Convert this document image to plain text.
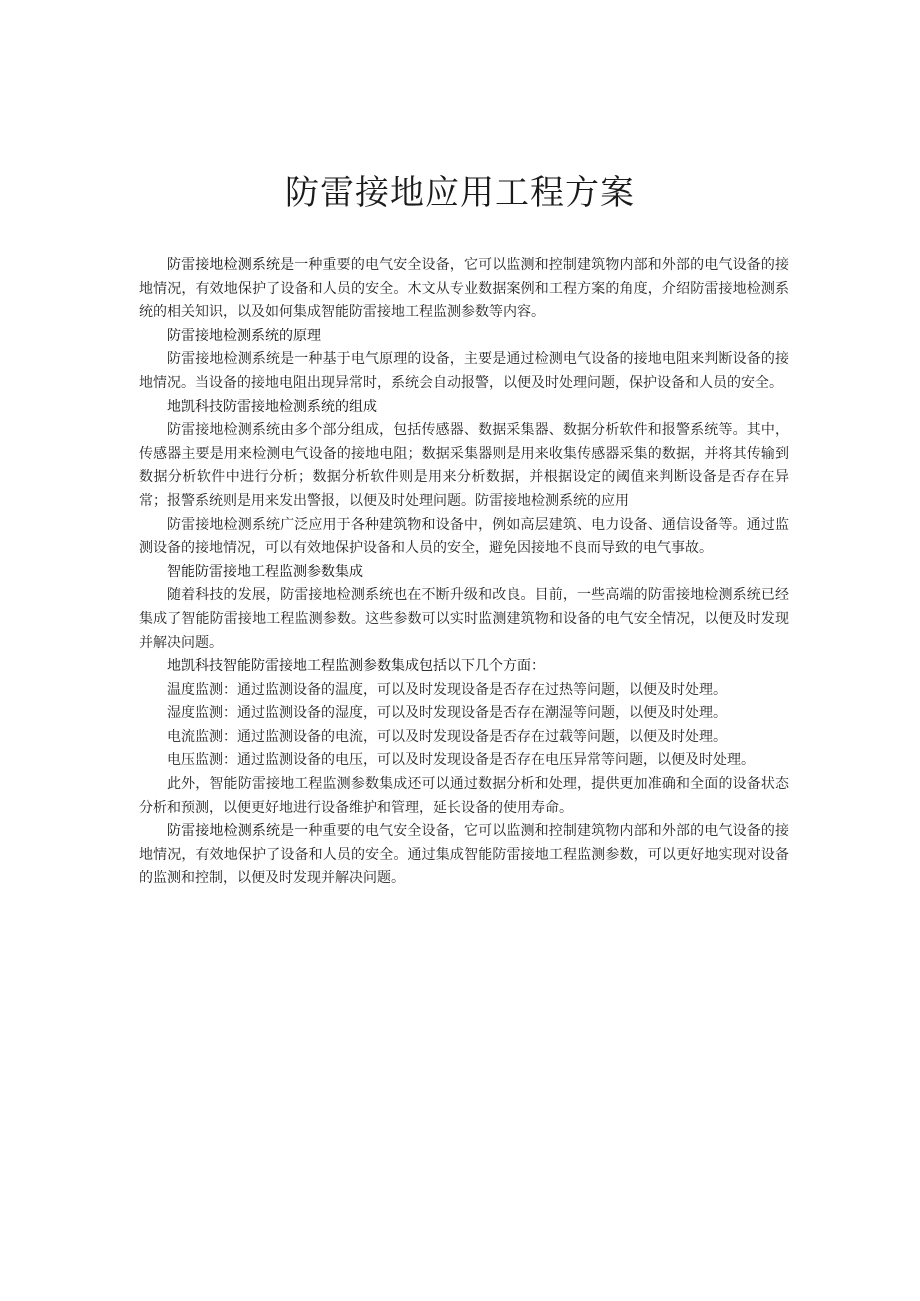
防雷接地应用工程方案

防雷接地检测系统是一种重要的电气安全设备，它可以监测和控制建筑物内部和外部的电气设备的接地情况，有效地保护了设备和人员的安全。木文从专业数据案例和工程方案的角度，介绍防雷接地检测系统的相关知识，以及如何集成智能防雷接地工程监测参数等内容。

防雷接地检测系统的原理

防雷接地检测系统是一种基于电气原理的设备，主要是通过检测电气设备的接地电阻来判断设备的接地情况。当设备的接地电阻出现异常时，系统会自动报警，以便及时处理问题，保护设备和人员的安全。

地凯科技防雷接地检测系统的组成

防雷接地检测系统由多个部分组成，包括传感器、数据采集器、数据分析软件和报警系统等。其中，传感器主要是用来检测电气设备的接地电阻；数据采集器则是用来收集传感器采集的数据，并将其传输到数据分析软件中进行分析；数据分析软件则是用来分析数据，并根据设定的阈值来判断设备是否存在异常；报警系统则是用来发出警报，以便及时处理问题。防雷接地检测系统的应用

防雷接地检测系统广泛应用于各种建筑物和设备中，例如高层建筑、电力设备、通信设备等。通过监测设备的接地情况，可以有效地保护设备和人员的安全，避免因接地不良而导致的电气事故。

智能防雷接地工程监测参数集成

随着科技的发展，防雷接地检测系统也在不断升级和改良。目前，一些高端的防雷接地检测系统已经集成了智能防雷接地工程监测参数。这些参数可以实时监测建筑物和设备的电气安全情况，以便及时发现并解决问题。

地凯科技智能防雷接地工程监测参数集成包括以下几个方面：

温度监测：通过监测设备的温度，可以及时发现设备是否存在过热等问题，以便及时处理。

湿度监测：通过监测设备的湿度，可以及时发现设备是否存在潮湿等问题，以便及时处理。

电流监测：通过监测设备的电流，可以及时发现设备是否存在过载等问题，以便及时处理。

电压监测：通过监测设备的电压，可以及时发现设备是否存在电压异常等问题，以便及时处理。

此外，智能防雷接地工程监测参数集成还可以通过数据分析和处理，提供更加准确和全面的设备状态分析和预测，以便更好地进行设备维护和管理，延长设备的使用寿命。

防雷接地检测系统是一种重要的电气安全设备，它可以监测和控制建筑物内部和外部的电气设备的接地情况，有效地保护了设备和人员的安全。通过集成智能防雷接地工程监测参数，可以更好地实现对设备的监测和控制，以便及时发现并解决问题。
